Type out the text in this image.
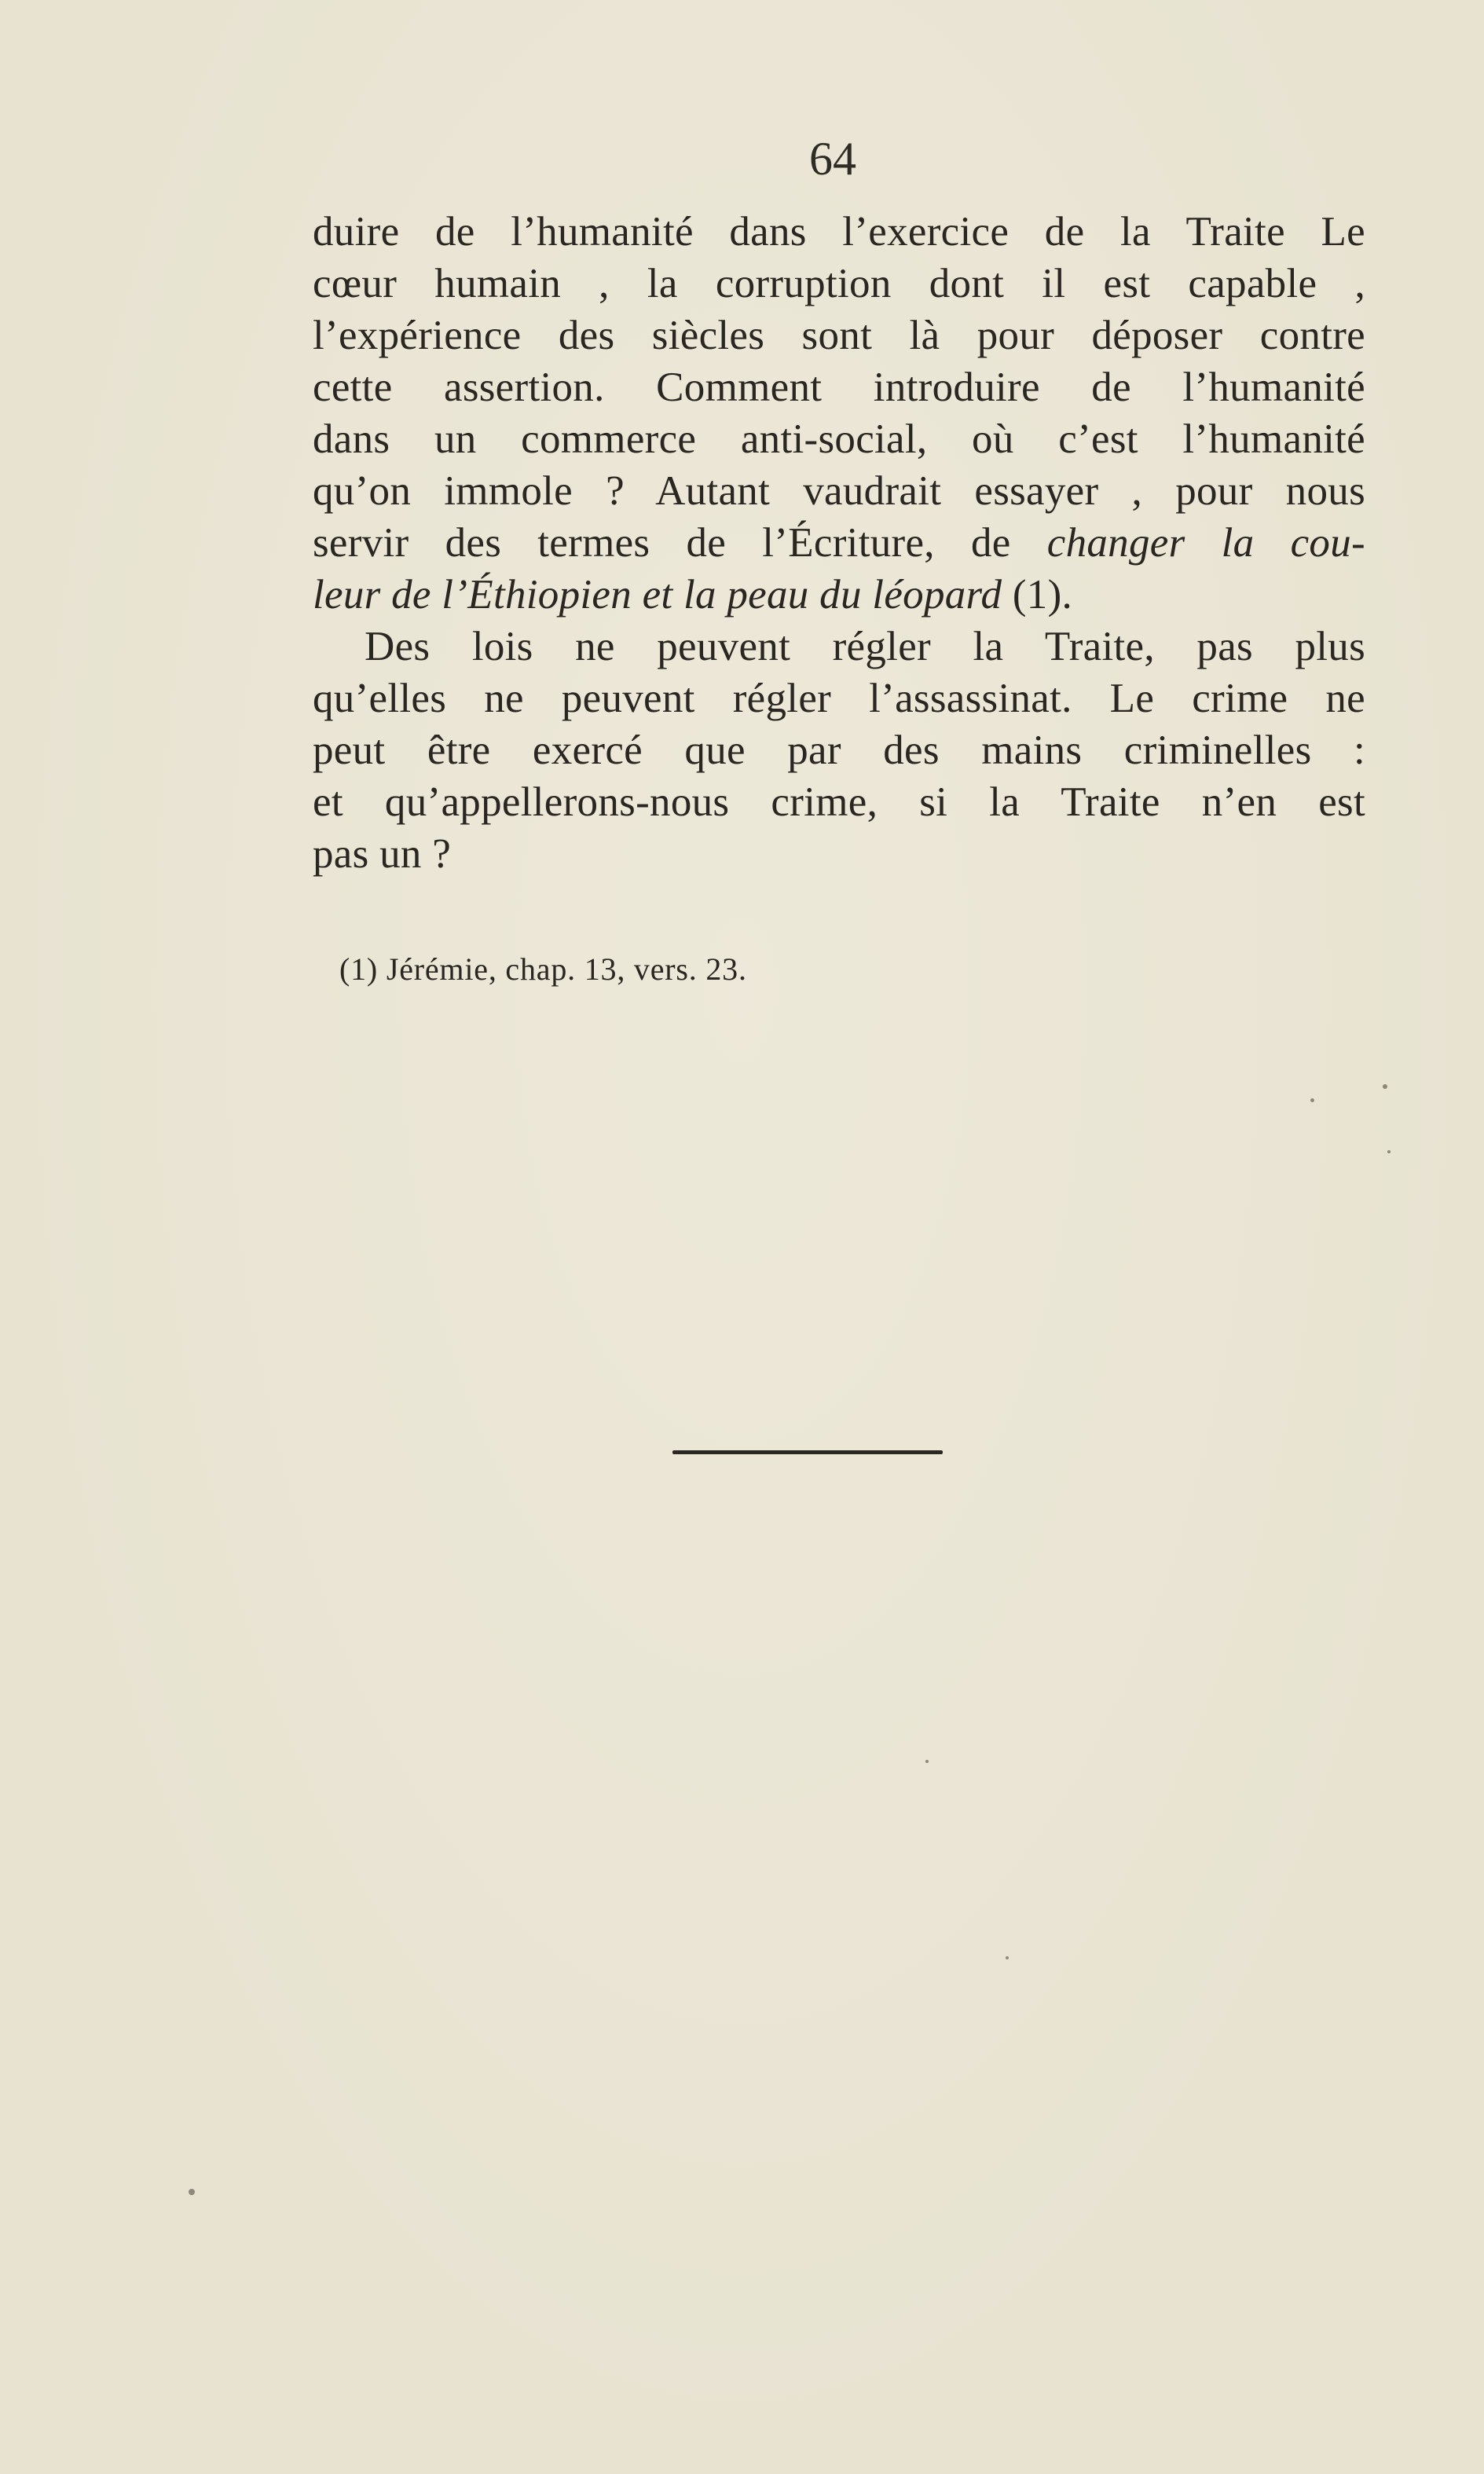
64
duire de l’humanité dans l’exercice de la Traite Le
cœur humain , la corruption dont il est capable ,
l’expérience des siècles sont là pour déposer contre
cette assertion. Comment introduire de l’humanité
dans un commerce anti-social, où c’est l’humanité
qu’on immole ? Autant vaudrait essayer , pour nous
servir des termes de l’Écriture, de changer la cou-
leur de l’Éthiopien et la peau du léopard (1).
Des lois ne peuvent régler la Traite, pas plus
qu’elles ne peuvent régler l’assassinat. Le crime ne
peut être exercé que par des mains criminelles :
et qu’appellerons-nous crime, si la Traite n’en est
pas un ?
(1) Jérémie, chap. 13, vers. 23.
